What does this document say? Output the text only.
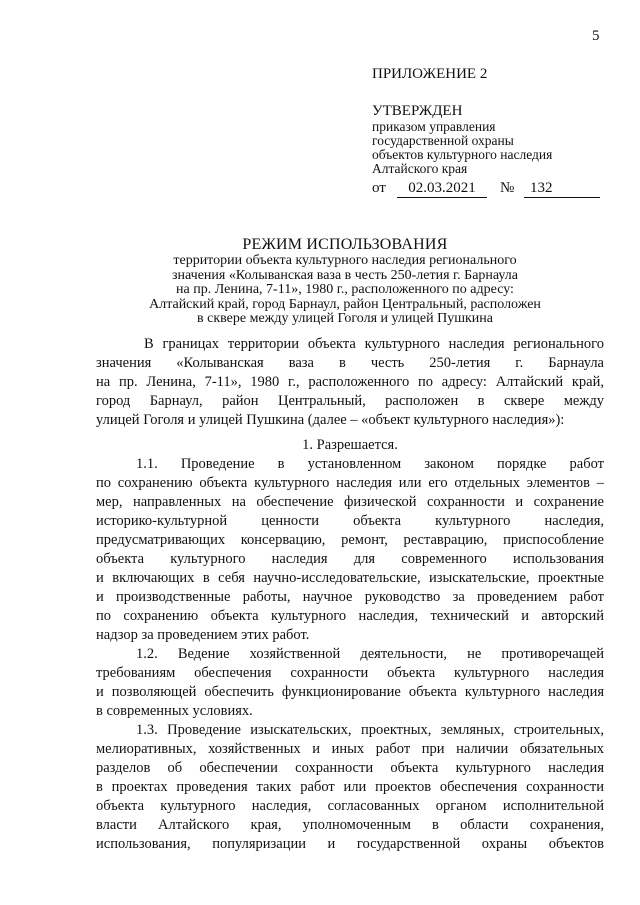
5

ПРИЛОЖЕНИЕ 2

УТВЕРЖДЕН

приказом управления

государственной охраны

объектов культурного наследия

Алтайского края

от	02.03.2021	№	132

РЕЖИМ ИСПОЛЬЗОВАНИЯ

территории объекта культурного наследия регионального

значения «Колыванская ваза в честь 250-летия г. Барнаула

на пр. Ленина, 7-11», 1980 г., расположенного по адресу:

Алтайский край, город Барнаул, район Центральный, расположен

в сквере между улицей Гоголя и улицей Пушкина

В границах территории объекта культурного наследия регионального
значения «Колыванская ваза в честь 250-летия г. Барнаула
на пр. Ленина, 7-11», 1980 г., расположенного по адресу: Алтайский край,
город Барнаул, район Центральный, расположен в сквере между
улицей Гоголя и улицей Пушкина (далее – «объект культурного наследия»):

1. Разрешается.

1.1. Проведение в установленном законом порядке работ
по сохранению объекта культурного наследия или его отдельных элементов –
мер, направленных на обеспечение физической сохранности и сохранение
историко-культурной ценности объекта культурного наследия,
предусматривающих консервацию, ремонт, реставрацию, приспособление
объекта культурного наследия для современного использования
и включающих в себя научно-исследовательские, изыскательские, проектные
и производственные работы, научное руководство за проведением работ
по сохранению объекта культурного наследия, технический и авторский
надзор за проведением этих работ.

1.2. Ведение хозяйственной деятельности, не противоречащей
требованиям обеспечения сохранности объекта культурного наследия
и позволяющей обеспечить функционирование объекта культурного наследия
в современных условиях.

1.3. Проведение изыскательских, проектных, земляных, строительных,
мелиоративных, хозяйственных и иных работ при наличии обязательных
разделов об обеспечении сохранности объекта культурного наследия
в проектах проведения таких работ или проектов обеспечения сохранности
объекта культурного наследия, согласованных органом исполнительной
власти Алтайского края, уполномоченным в области сохранения,
использования, популяризации и государственной охраны объектов
